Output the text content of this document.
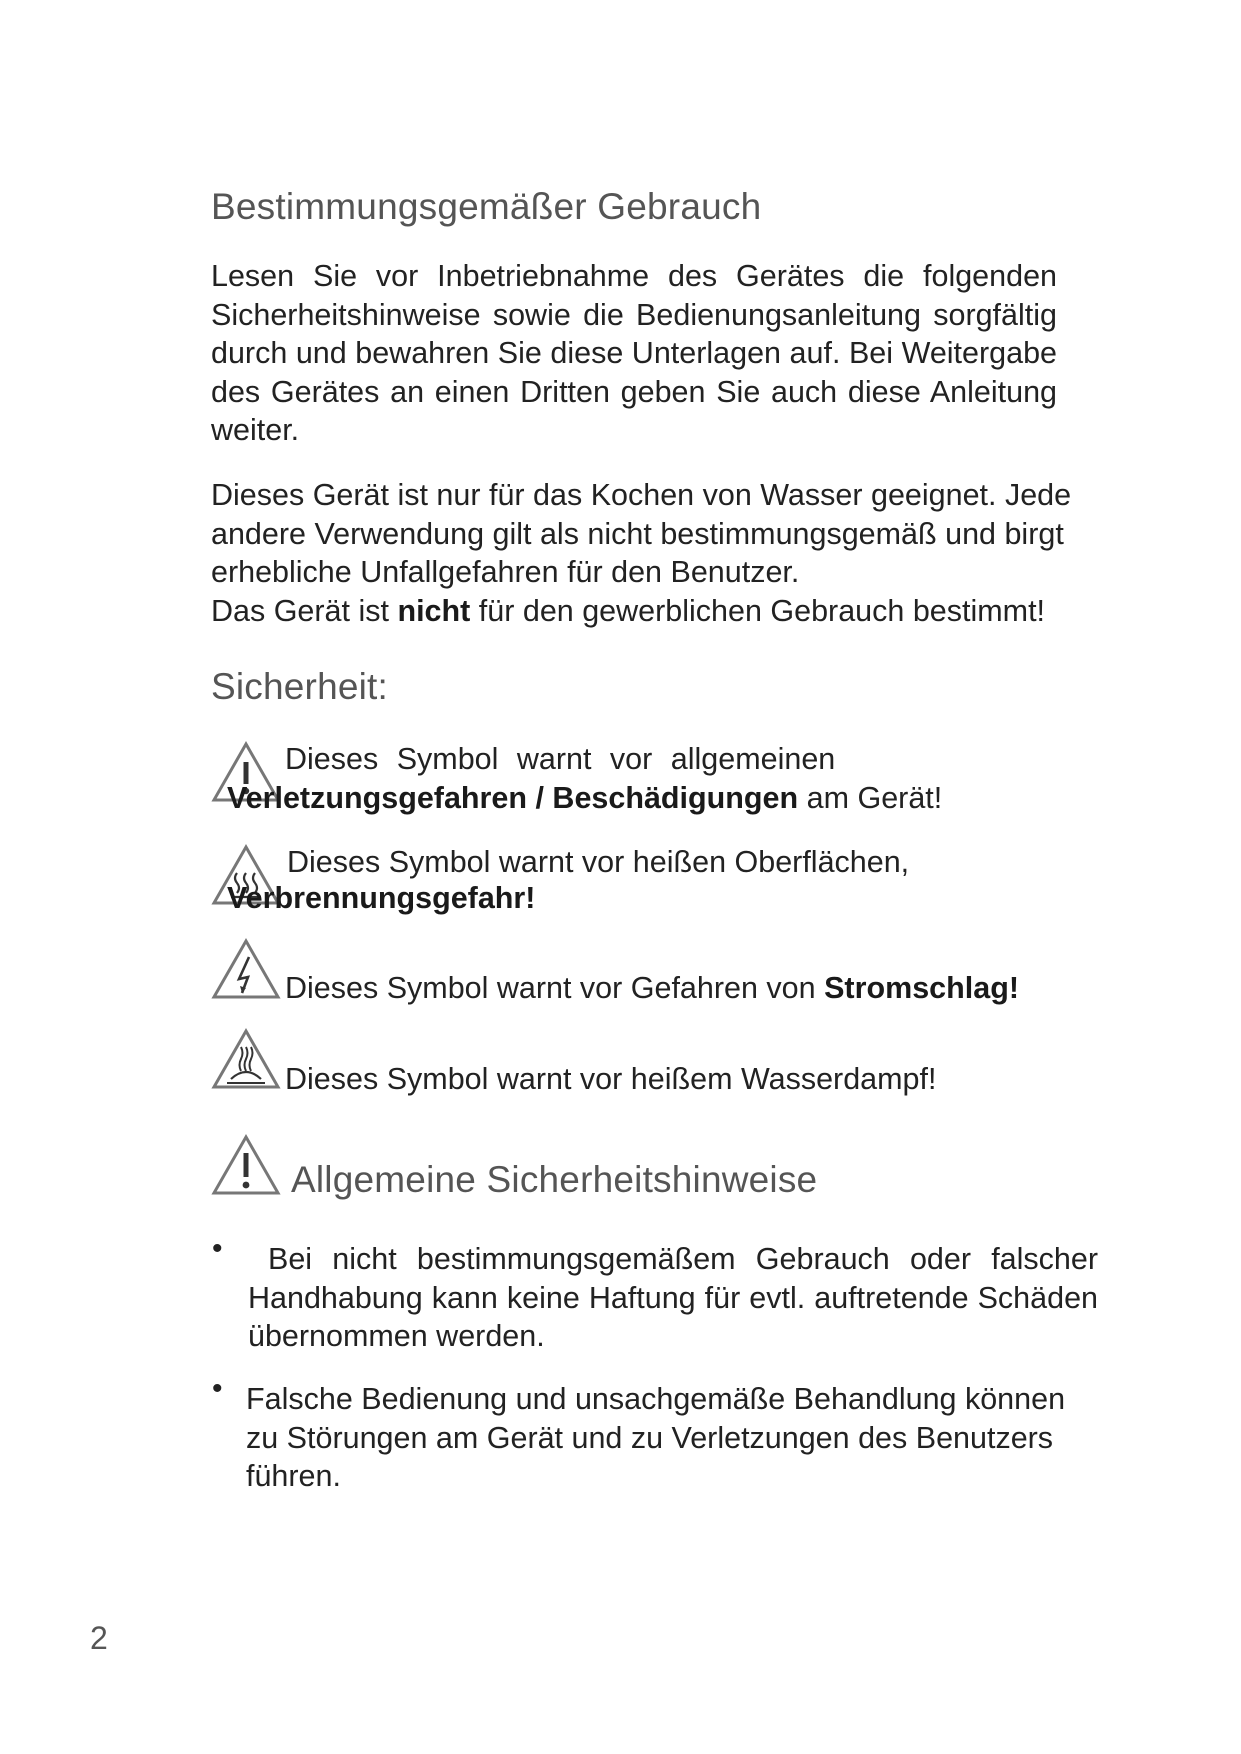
Bestimmungsgemäßer Gebrauch

Lesen Sie vor Inbetriebnahme des Gerätes die folgenden Sicherheitshinweise sowie die Bedienungsanleitung sorgfältig durch und bewahren Sie diese Unterlagen auf. Bei Weitergabe des Gerätes an einen Dritten geben Sie auch diese Anleitung weiter.

Dieses Gerät ist nur für das Kochen von Wasser geeignet. Jede andere Verwendung gilt als nicht bestimmungsgemäß und birgt erhebliche Unfallgefahren für den Benutzer.

Das Gerät ist nicht für den gewerblichen Gebrauch bestimmt!

Sicherheit:
Dieses Symbol warnt vor allgemeinen
Verletzungsgefahren / Beschädigungen am Gerät!
Dieses Symbol warnt vor heißen Oberflächen,
Verbrennungsgefahr!
Dieses Symbol warnt vor Gefahren von Stromschlag!
Dieses Symbol warnt vor heißem Wasserdampf!
Allgemeine Sicherheitshinweise
•	Bei nicht bestimmungsgemäßem Gebrauch oder falscher Handhabung kann keine Haftung für evtl. auftretende Schäden übernommen werden.

• Falsche Bedienung und unsachgemäße Behandlung können zu Störungen am Gerät und zu Verletzungen des Benutzers führen.

2
